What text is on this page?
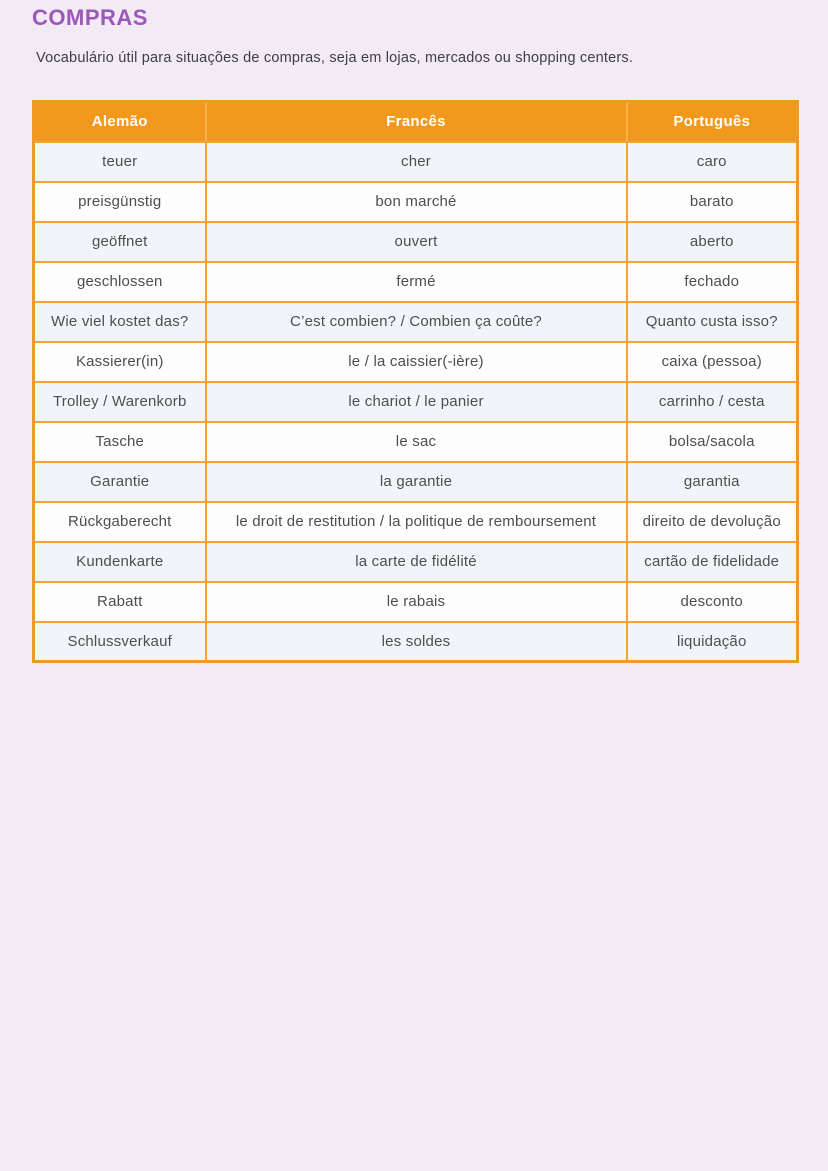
COMPRAS

Vocabulário útil para situações de compras, seja em lojas, mercados ou shopping centers.

Alemão	Francês	Português
teuer	cher	caro
preisgünstig	bon marché	barato
geöffnet	ouvert	aberto
geschlossen	fermé	fechado
Wie viel kostet das?	C’est combien? / Combien ça coûte?	Quanto custa isso?
Kassierer(in)	le / la caissier(-ière)	caixa (pessoa)
Trolley / Warenkorb	le chariot / le panier	carrinho / cesta
Tasche	le sac	bolsa/sacola
Garantie	la garantie	garantia
Rückgaberecht	le droit de restitution / la politique de remboursement	direito de devolução
Kundenkarte	la carte de fidélité	cartão de fidelidade
Rabatt	le rabais	desconto
Schlussverkauf	les soldes	liquidação
